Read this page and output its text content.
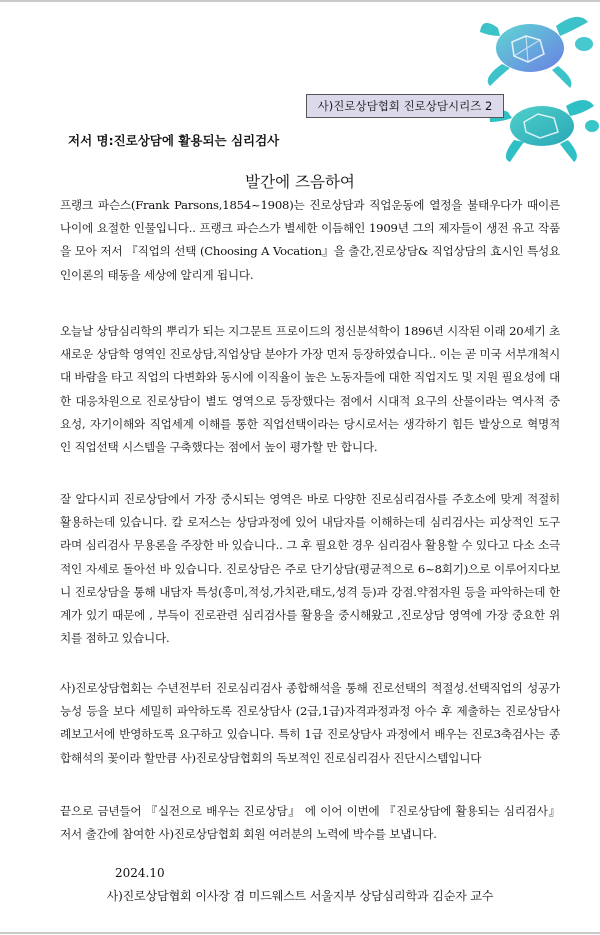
사)진로상담협회 진로상담시리즈 2
저서 명:진로상담에 활용되는 심리검사
발간에 즈음하여

프랭크 파슨스(Frank Parsons,1854~1908)는 진로상담과 직업운동에 열정을 불태우다가 때이른 나이에 요절한 인물입니다.. 프랭크 파슨스가 별세한 이듬해인 1909년 그의 제자들이 생전 유고 작품을 모아 저서 『직업의 선택 (Choosing A Vocation』을 출간,진로상담& 직업상담의 효시인 특성요인이론의 태동을 세상에 알리게 됩니다.

오늘날 상담심리학의 뿌리가 되는 지그문트 프로이드의 정신분석학이 1896년 시작된 이래 20세기 초 새로운 상담학 영역인 진로상담,직업상담 분야가 가장 먼저 등장하였습니다.. 이는 곧 미국 서부개척시대 바람을 타고 직업의 다변화와 동시에 이직율이 높은 노동자들에 대한 직업지도 및 지원 필요성에 대한 대응차원으로 진로상담이 별도 영역으로 등장했다는 점에서 시대적 요구의 산물이라는 역사적 중요성, 자기이해와 직업세계 이해를 통한 직업선택이라는 당시로서는 생각하기 힘든 발상으로 혁명적인 직업선택 시스템을 구축했다는 점에서 높이 평가할 만 합니다.

잘 알다시피 진로상담에서 가장 중시되는 영역은 바로 다양한 진로심리검사를 주호소에 맞게 적절히 활용하는데 있습니다. 칼 로저스는 상담과정에 있어 내담자를 이해하는데 심리검사는 피상적인 도구라며 심리검사 무용론을 주장한 바 있습니다.. 그 후 필요한 경우 심리검사 활용할 수 있다고 다소 소극적인 자세로 돌아선 바 있습니다. 진로상담은 주로 단기상담(평균적으로 6~8회기)으로 이루어지다보니 진로상담을 통해 내담자 특성(흥미,적성,가치관,태도,성격 등)과 강점.약점자원 등을 파악하는데 한계가 있기 때문에 , 부득이 진로관련 심리검사를 활용을 중시해왔고 ,진로상담 영역에 가장 중요한 위치를 점하고 있습니다.

사)진로상담협회는 수년전부터 진로심리검사 종합해석을 통해 진로선택의 적절성.선택직업의 성공가능성 등을 보다 세밀히 파악하도록 진로상담사 (2급,1급)자격과정과정 아수 후 제출하는 진로상담사례보고서에 반영하도록 요구하고 있습니다. 특히 1급 진로상담사 과정에서 배우는 진로3축검사는 종합해석의 꽃이라 할만큼 사)진로상담협회의 독보적인 진로심리검사 진단시스템입니다

끝으로 금년들어 『실전으로 배우는 진로상담』 에 이어 이번에 『진로상담에 활용되는 심리검사』 저서 출간에 참여한 사)진로상담협회 회원 여러분의 노력에 박수를 보냅니다.

2024.10
사)진로상담협회 이사장 겸 미드웨스트 서울지부 상담심리학과 김순자 교수
